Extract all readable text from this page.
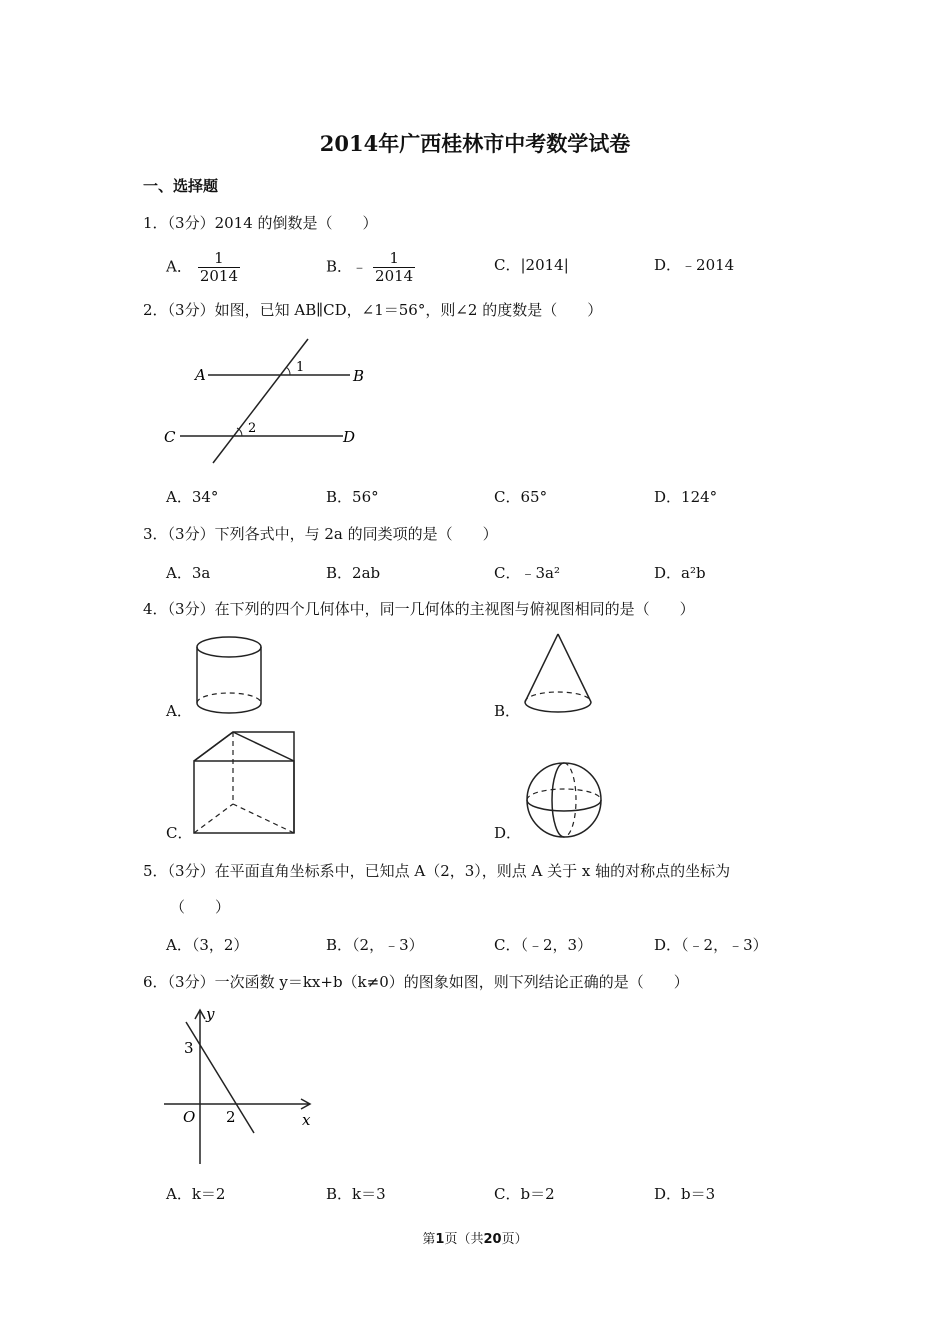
2014年广西桂林市中考数学试卷
一、选择题
1．（3分）2014 的倒数是（　　）
A． $\frac{1}{2014}$	B．﹣ $\frac{1}{2014}$	C．|2014|	D．﹣2014
2．（3分）如图，已知 AB∥CD，∠1＝56°，则∠2 的度数是（　　）
A	B
C	D
1
2
A．34°	B．56°	C．65°	D．124°
3．（3分）下列各式中，与 2a 的同类项的是（　　）
A．3a	B．2ab	C．﹣3a²	D．a²b
4．（3分）在下列的四个几何体中，同一几何体的主视图与俯视图相同的是（　　）
A．	B．
C．	D．
5．（3分）在平面直角坐标系中，已知点 A（2，3），则点 A 关于 x 轴的对称点的坐标为
（　　）
A．（3，2）	B．（2，﹣3）	C．（﹣2，3）	D．（﹣2，﹣3）
6．（3分）一次函数 y＝kx+b（k≠0）的图象如图，则下列结论正确的是（　　）
y
x
O
3
2
A．k＝2	B．k＝3	C．b＝2	D．b＝3
第1页（共20页）
